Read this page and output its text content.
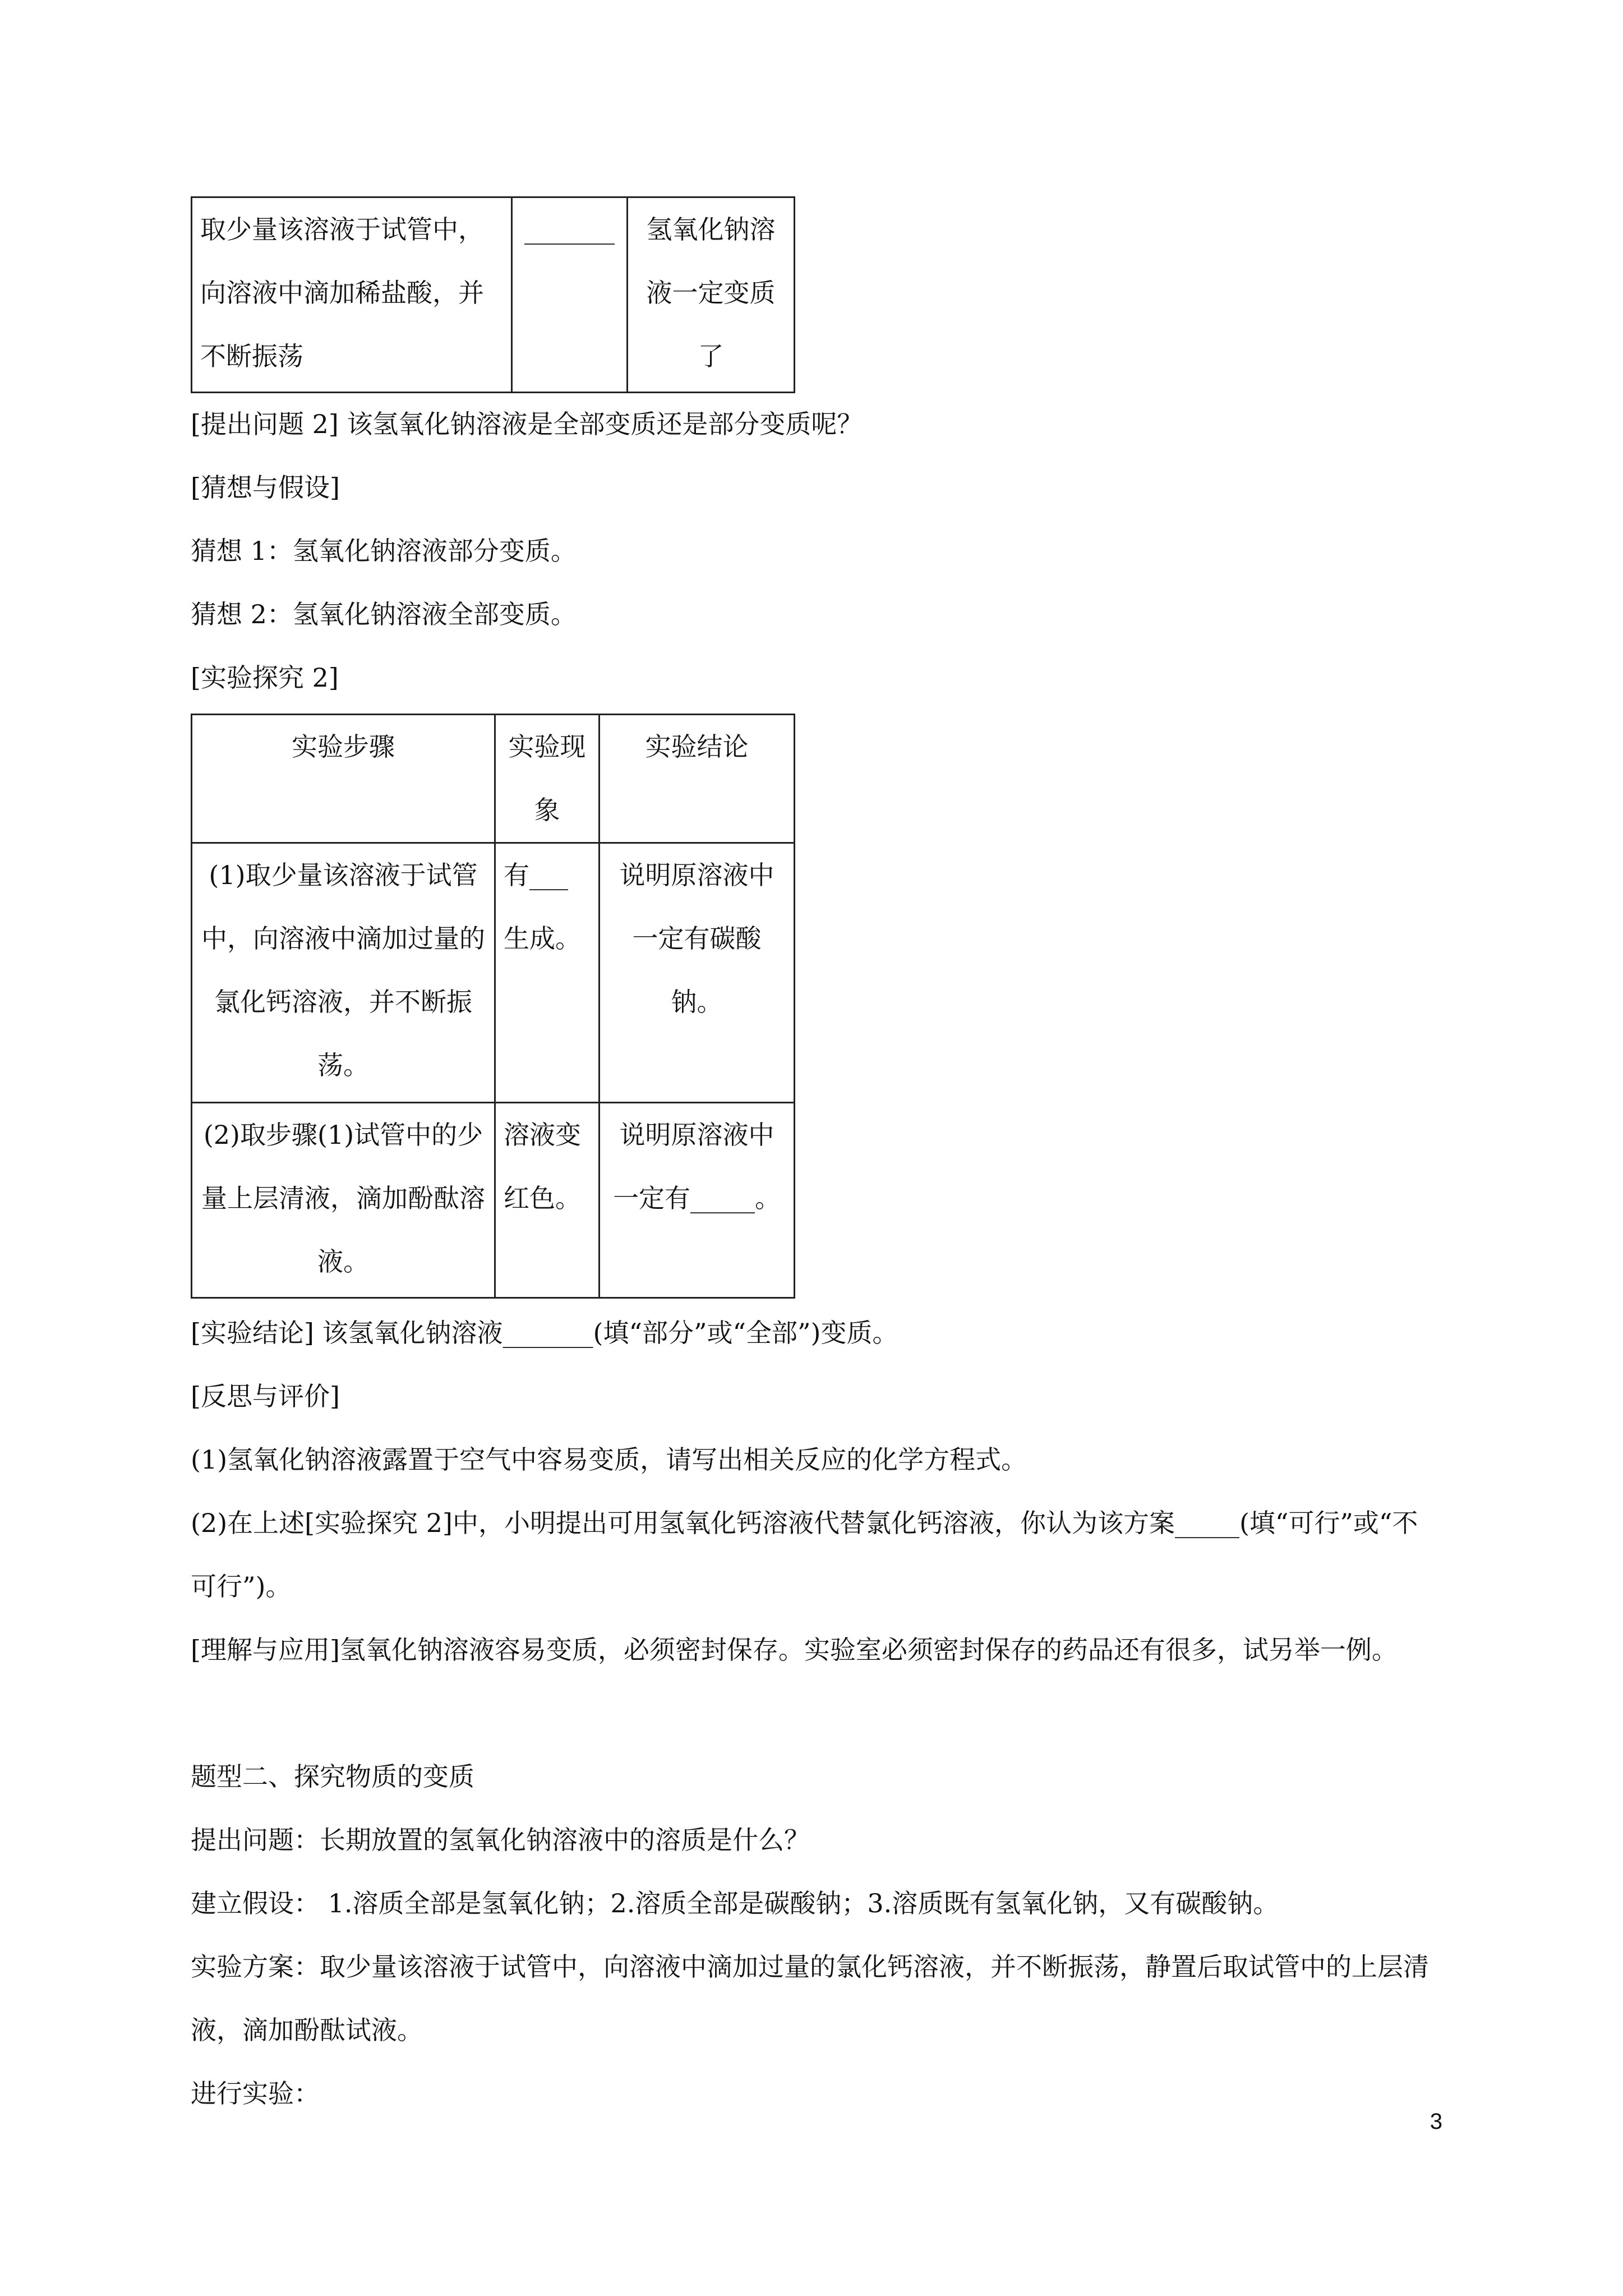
取少量该溶液于试管中，向溶液中滴加稀盐酸，并不断振荡	_______	氢氧化钠溶液一定变质了
[提出问题 2] 该氢氧化钠溶液是全部变质还是部分变质呢？
[猜想与假设]
猜想 1：氢氧化钠溶液部分变质。
猜想 2：氢氧化钠溶液全部变质。
[实验探究 2]
实验步骤	实验现象	实验结论
(1)取少量该溶液于试管中，向溶液中滴加过量的氯化钙溶液，并不断振荡。	有___生成。	说明原溶液中一定有碳酸钠。
(2)取步骤(1)试管中的少量上层清液，滴加酚酞溶液。	溶液变红色。	说明原溶液中一定有_____。
[实验结论] 该氢氧化钠溶液_______(填“部分”或“全部”)变质。
[反思与评价]
(1)氢氧化钠溶液露置于空气中容易变质，请写出相关反应的化学方程式。
(2)在上述[实验探究 2]中，小明提出可用氢氧化钙溶液代替氯化钙溶液，你认为该方案_____(填“可行”或“不可行”)。
[理解与应用]氢氧化钠溶液容易变质，必须密封保存。实验室必须密封保存的药品还有很多，试另举一例。
题型二、探究物质的变质
提出问题：长期放置的氢氧化钠溶液中的溶质是什么？
建立假设： 1.溶质全部是氢氧化钠；2.溶质全部是碳酸钠；3.溶质既有氢氧化钠，又有碳酸钠。
实验方案：取少量该溶液于试管中，向溶液中滴加过量的氯化钙溶液，并不断振荡，静置后取试管中的上层清液，滴加酚酞试液。
进行实验：
3
